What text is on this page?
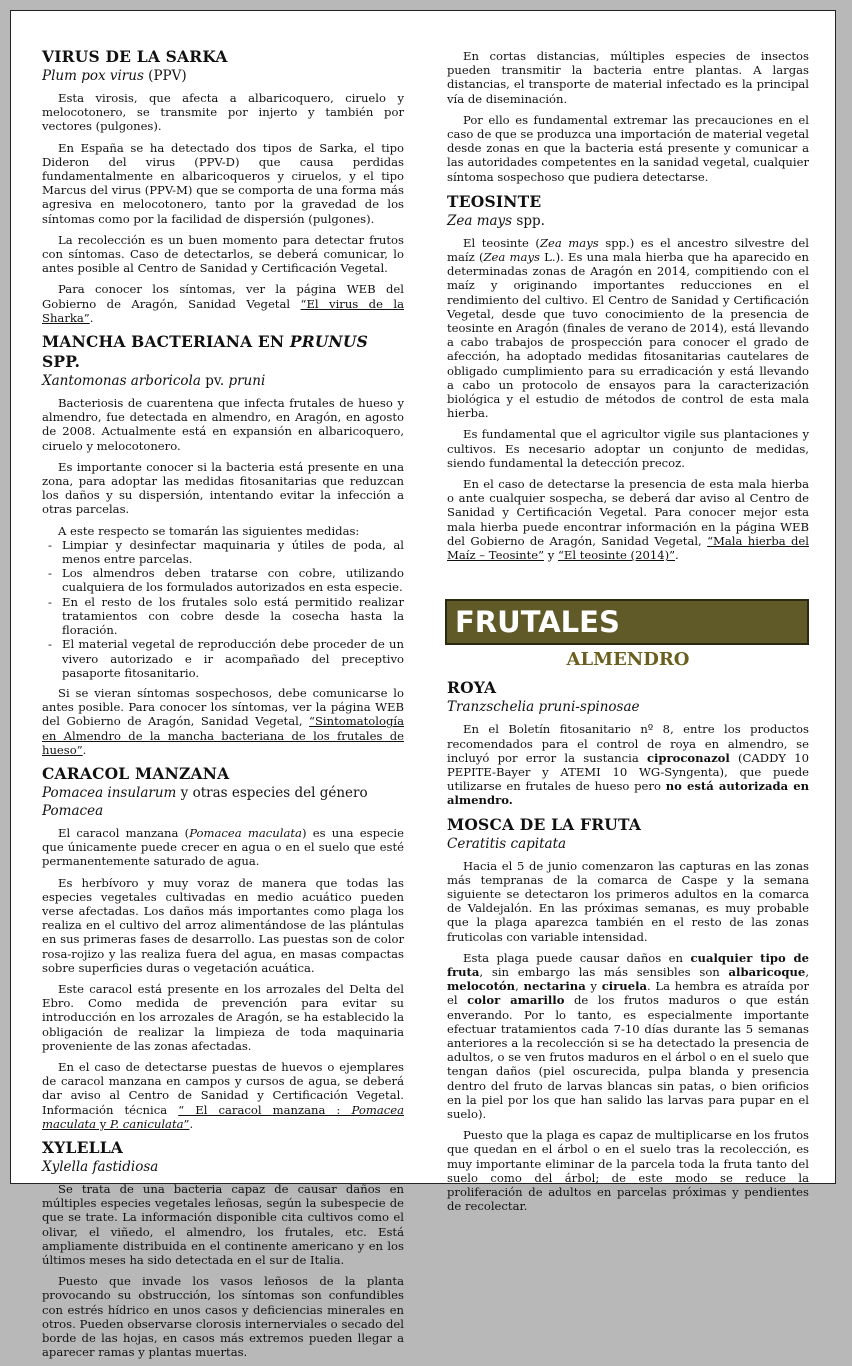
VIRUS DE LA SARKA
Plum pox virus (PPV)

Esta virosis, que afecta a albaricoquero, ciruelo y melocotonero, se transmite por injerto y también por vectores (pulgones).

En España se ha detectado dos tipos de Sarka, el tipo Dideron del virus (PPV-D) que causa perdidas fundamentalmente en albaricoqueros y ciruelos, y el tipo Marcus del virus (PPV-M) que se comporta de una forma más agresiva en melocotonero, tanto por la gravedad de los síntomas como por la facilidad de dispersión (pulgones).

La recolección es un buen momento para detectar frutos con síntomas. Caso de detectarlos, se deberá comunicar, lo antes posible al Centro de Sanidad y Certificación Vegetal.

Para conocer los síntomas, ver la página WEB del Gobierno de Aragón, Sanidad Vegetal “El virus de la Sharka”.

MANCHA BACTERIANA EN PRUNUS SPP.
Xantomonas arboricola pv. pruni

Bacteriosis de cuarentena que infecta frutales de hueso y almendro, fue detectada en almendro, en Aragón, en agosto de 2008. Actualmente está en expansión en albaricoquero, ciruelo y melocotonero.

Es importante conocer si la bacteria está presente en una zona, para adoptar las medidas fitosanitarias que reduzcan los daños y su dispersión, intentando evitar la infección a otras parcelas.

A este respecto se tomarán las siguientes medidas:

- Limpiar y desinfectar maquinaria y útiles de poda, al menos entre parcelas.
- Los almendros deben tratarse con cobre, utilizando cualquiera de los formulados autorizados en esta especie.
- En el resto de los frutales solo está permitido realizar tratamientos con cobre desde la cosecha hasta la floración.
- El material vegetal de reproducción debe proceder de un vivero autorizado e ir acompañado del preceptivo pasaporte fitosanitario.

Si se vieran síntomas sospechosos, debe comunicarse lo antes posible. Para conocer los síntomas, ver la página WEB del Gobierno de Aragón, Sanidad Vegetal, “Sintomatología en Almendro de la mancha bacteriana de los frutales de hueso”.

CARACOL MANZANA
Pomacea insularum y otras especies del género Pomacea

El caracol manzana (Pomacea maculata) es una especie que únicamente puede crecer en agua o en el suelo que esté permanentemente saturado de agua.

Es herbívoro y muy voraz de manera que todas las especies vegetales cultivadas en medio acuático pueden verse afectadas. Los daños más importantes como plaga los realiza en el cultivo del arroz alimentándose de las plántulas en sus primeras fases de desarrollo. Las puestas son de color rosa-rojizo y las realiza fuera del agua, en masas compactas sobre superficies duras o vegetación acuática.

Este caracol está presente en los arrozales del Delta del Ebro. Como medida de prevención para evitar su introducción en los arrozales de Aragón, se ha establecido la obligación de realizar la limpieza de toda maquinaria proveniente de las zonas afectadas.

En el caso de detectarse puestas de huevos o ejemplares de caracol manzana en campos y cursos de agua, se deberá dar aviso al Centro de Sanidad y Certificación Vegetal. Información técnica “ El caracol manzana : Pomacea maculata y P. caniculata”.

XYLELLA
Xylella fastidiosa

Se trata de una bacteria capaz de causar daños en múltiples especies vegetales leñosas, según la subespecie de que se trate. La información disponible cita cultivos como el olivar, el viñedo, el almendro, los frutales, etc. Está ampliamente distribuida en el continente americano y en los últimos meses ha sido detectada en el sur de Italia.

Puesto que invade los vasos leñosos de la planta provocando su obstrucción, los síntomas son confundibles con estrés hídrico en unos casos y deficiencias minerales en otros. Pueden observarse clorosis internerviales o secado del borde de las hojas, en casos más extremos pueden llegar a aparecer ramas y plantas muertas.

En cortas distancias, múltiples especies de insectos pueden transmitir la bacteria entre plantas. A largas distancias, el transporte de material infectado es la principal vía de diseminación.

Por ello es fundamental extremar las precauciones en el caso de que se produzca una importación de material vegetal desde zonas en que la bacteria está presente y comunicar a las autoridades competentes en la sanidad vegetal, cualquier síntoma sospechoso que pudiera detectarse.

TEOSINTE
Zea mays spp.

El teosinte (Zea mays spp.) es el ancestro silvestre del maíz (Zea mays L.). Es una mala hierba que ha aparecido en determinadas zonas de Aragón en 2014, compitiendo con el maíz y originando importantes reducciones en el rendimiento del cultivo. El Centro de Sanidad y Certificación Vegetal, desde que tuvo conocimiento de la presencia de teosinte en Aragón (finales de verano de 2014), está llevando a cabo trabajos de prospección para conocer el grado de afección, ha adoptado medidas fitosanitarias cautelares de obligado cumplimiento para su erradicación y está llevando a cabo un protocolo de ensayos para la caracterización biológica y el estudio de métodos de control de esta mala hierba.

Es fundamental que el agricultor vigile sus plantaciones y cultivos. Es necesario adoptar un conjunto de medidas, siendo fundamental la detección precoz.

En el caso de detectarse la presencia de esta mala hierba o ante cualquier sospecha, se deberá dar aviso al Centro de Sanidad y Certificación Vegetal. Para conocer mejor esta mala hierba puede encontrar información en la página WEB del Gobierno de Aragón, Sanidad Vegetal, “Mala hierba del Maíz – Teosinte” y “El teosinte (2014)”.

FRUTALES
ALMENDRO
ROYA
Tranzschelia pruni-spinosae

En el Boletín fitosanitario nº 8, entre los productos recomendados para el control de roya en almendro, se incluyó por error la sustancia ciproconazol (CADDY 10 PEPITE-Bayer y ATEMI 10 WG-Syngenta), que puede utilizarse en frutales de hueso pero no está autorizada en almendro.

MOSCA DE LA FRUTA
Ceratitis capitata

Hacia el 5 de junio comenzaron las capturas en las zonas más tempranas de la comarca de Caspe y la semana siguiente se detectaron los primeros adultos en la comarca de Valdejalón. En las próximas semanas, es muy probable que la plaga aparezca también en el resto de las zonas fruticolas con variable intensidad.

Esta plaga puede causar daños en cualquier tipo de fruta, sin embargo las más sensibles son albaricoque, melocotón, nectarina y ciruela. La hembra es atraída por el color amarillo de los frutos maduros o que están enverando. Por lo tanto, es especialmente importante efectuar tratamientos cada 7-10 días durante las 5 semanas anteriores a la recolección si se ha detectado la presencia de adultos, o se ven frutos maduros en el árbol o en el suelo que tengan daños (piel oscurecida, pulpa blanda y presencia dentro del fruto de larvas blancas sin patas, o bien orificios en la piel por los que han salido las larvas para pupar en el suelo).

Puesto que la plaga es capaz de multiplicarse en los frutos que quedan en el árbol o en el suelo tras la recolección, es muy importante eliminar de la parcela toda la fruta tanto del suelo como del árbol; de este modo se reduce la proliferación de adultos en parcelas próximas y pendientes de recolectar.
